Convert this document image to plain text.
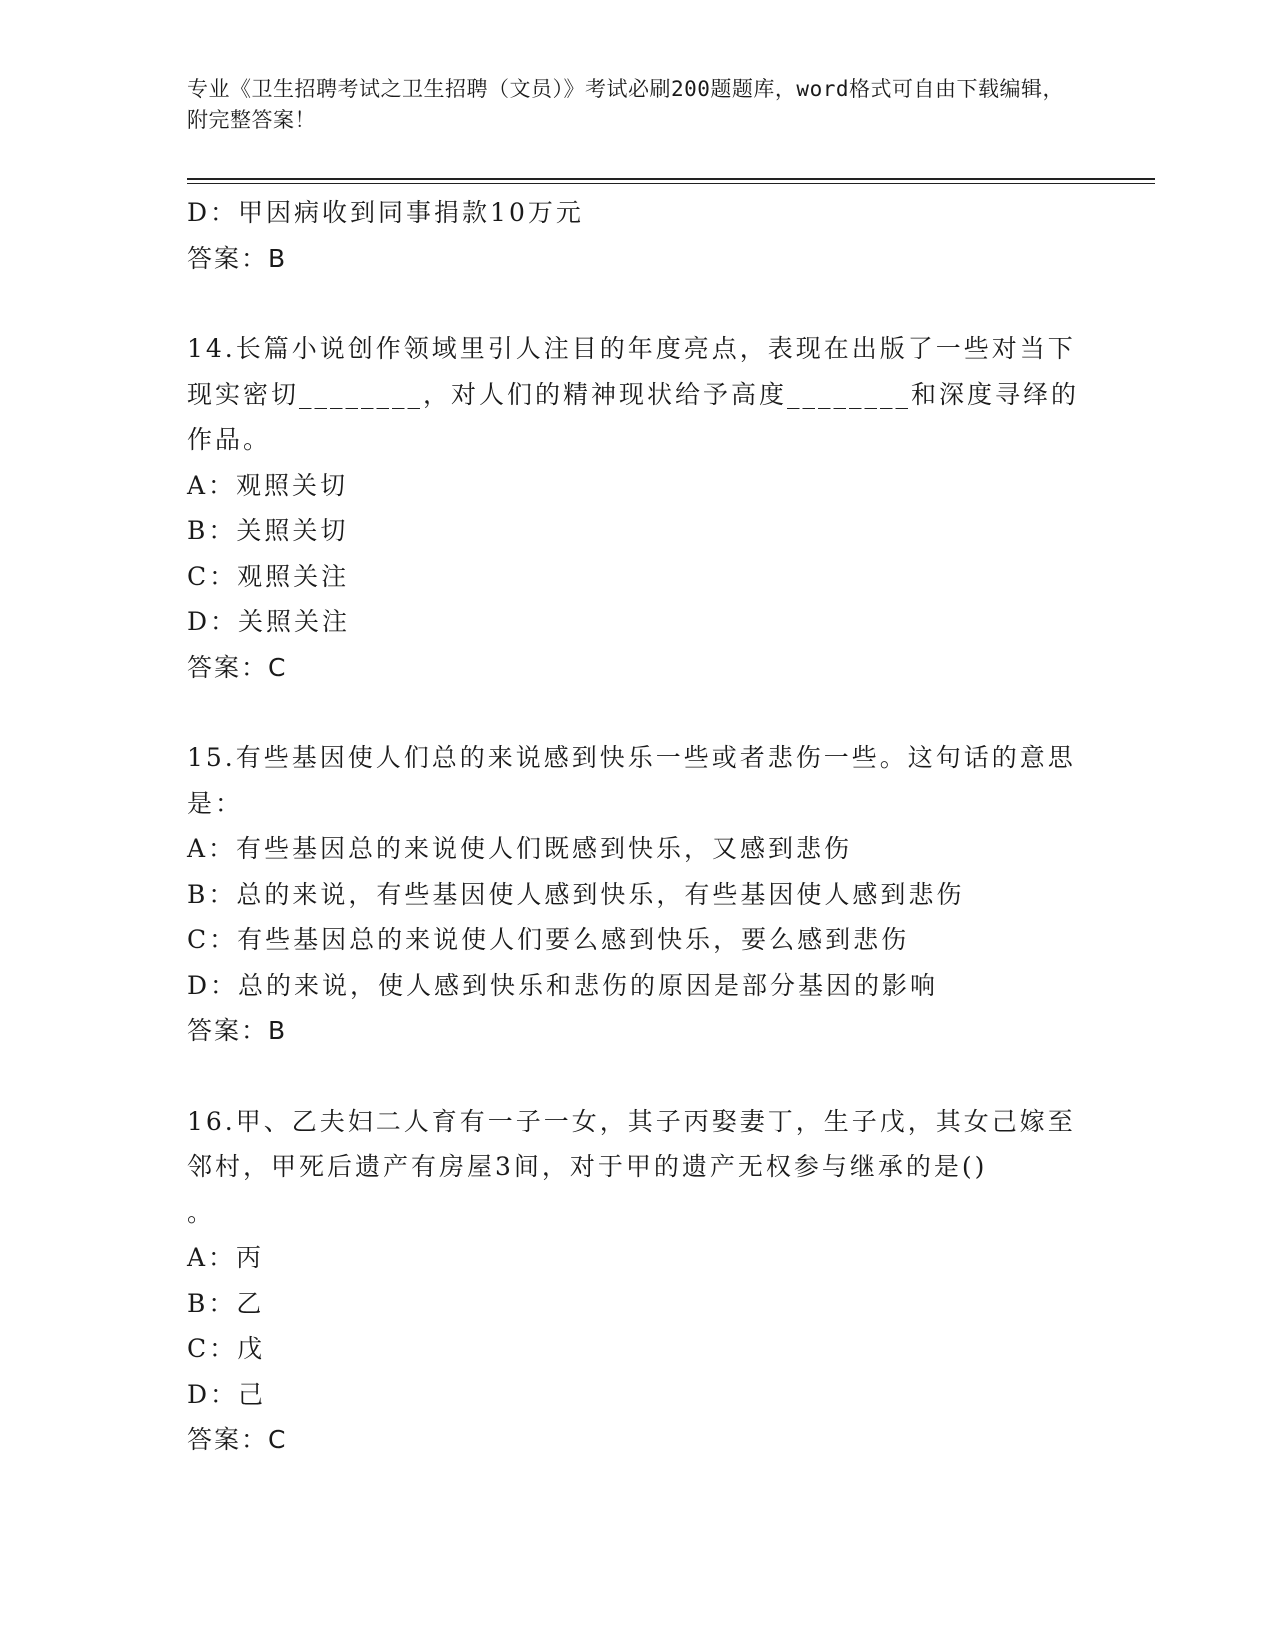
专业《卫生招聘考试之卫生招聘（文员）》考试必刷200题题库，word格式可自由下载编辑，附完整答案！

D：甲因病收到同事捐款10万元

答案：B

14.长篇小说创作领域里引人注目的年度亮点，表现在出版了一些对当下现实密切________，对人们的精神现状给予高度________和深度寻绎的作品。

A：观照关切

B：关照关切

C：观照关注

D：关照关注

答案：C

15.有些基因使人们总的来说感到快乐一些或者悲伤一些。这句话的意思是：

A：有些基因总的来说使人们既感到快乐，又感到悲伤

B：总的来说，有些基因使人感到快乐，有些基因使人感到悲伤

C：有些基因总的来说使人们要么感到快乐，要么感到悲伤

D：总的来说，使人感到快乐和悲伤的原因是部分基因的影响

答案：B

16.甲、乙夫妇二人育有一子一女，其子丙娶妻丁，生子戊，其女己嫁至邻村，甲死后遗产有房屋3间，对于甲的遗产无权参与继承的是()

。

A：丙

B：乙

C：戊

D：己

答案：C
